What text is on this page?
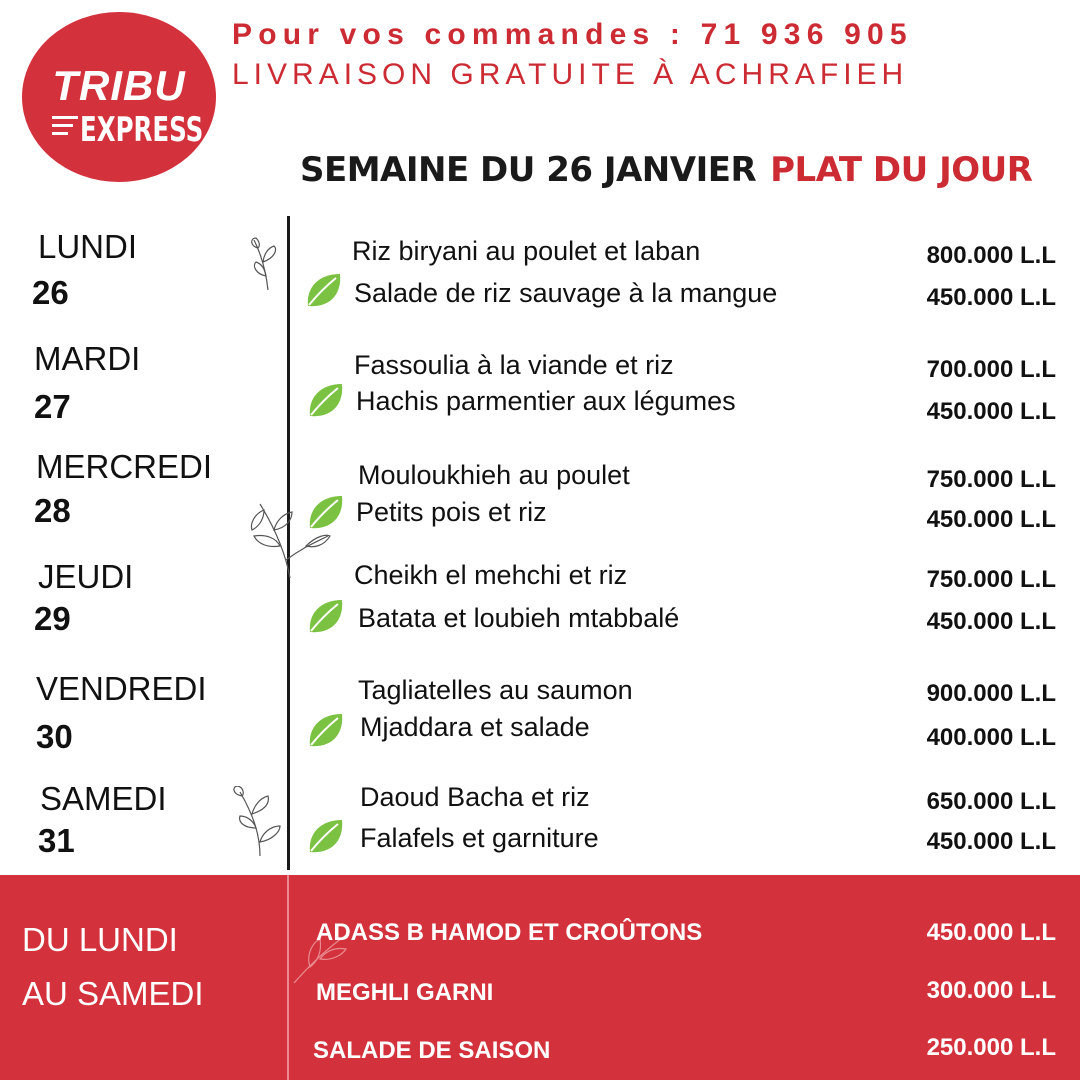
TRIBU
EXPRESS
Pour vos commandes : 71 936 905
LIVRAISON GRATUITE À ACHRAFIEH
SEMAINE DU 26 JANVIER PLAT DU JOUR
LUNDI
26
Riz biryani au poulet et laban	800.000 L.L
Salade de riz sauvage à la mangue	450.000 L.L
MARDI
27
Fassoulia à la viande et riz	700.000 L.L
Hachis parmentier aux légumes	450.000 L.L
MERCREDI
28
Mouloukhieh au poulet	750.000 L.L
Petits pois et riz	450.000 L.L
JEUDI
29
Cheikh el mehchi et riz	750.000 L.L
Batata et loubieh mtabbalé	450.000 L.L
VENDREDI
30
Tagliatelles au saumon	900.000 L.L
Mjaddara et salade	400.000 L.L
SAMEDI
31
Daoud Bacha et riz	650.000 L.L
Falafels et garniture	450.000 L.L
DU LUNDI
AU SAMEDI
ADASS B HAMOD ET CROÛTONS	450.000 L.L
MEGHLI GARNI	300.000 L.L
SALADE DE SAISON	250.000 L.L
